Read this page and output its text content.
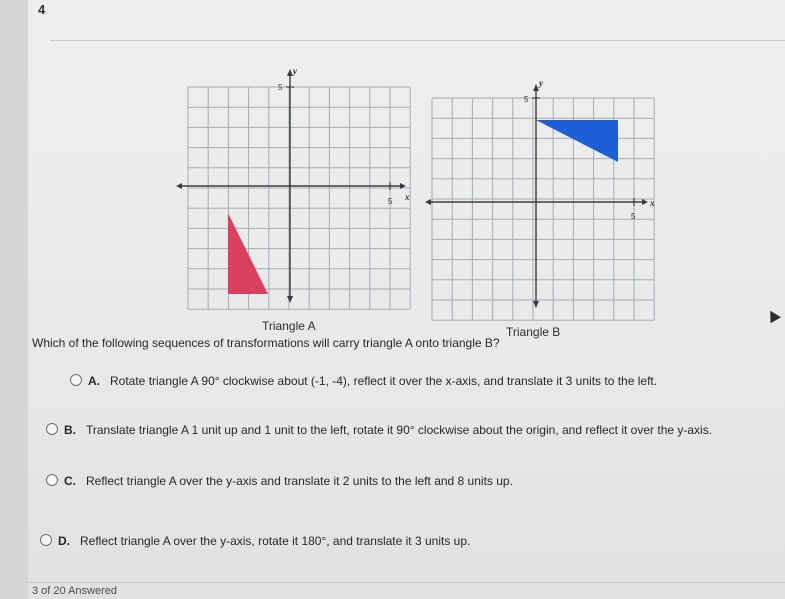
4
5
5
x
y
Triangle A
5
5
x
y
Triangle B
Which of the following sequences of transformations will carry triangle A onto triangle B?
A. Rotate triangle A 90° clockwise about (-1, -4), reflect it over the x-axis, and translate it 3 units to the left.
B. Translate triangle A 1 unit up and 1 unit to the left, rotate it 90° clockwise about the origin, and reflect it over the y-axis.
C. Reflect triangle A over the y-axis and translate it 2 units to the left and 8 units up.
D. Reflect triangle A over the y-axis, rotate it 180°, and translate it 3 units up.
3 of 20 Answered
